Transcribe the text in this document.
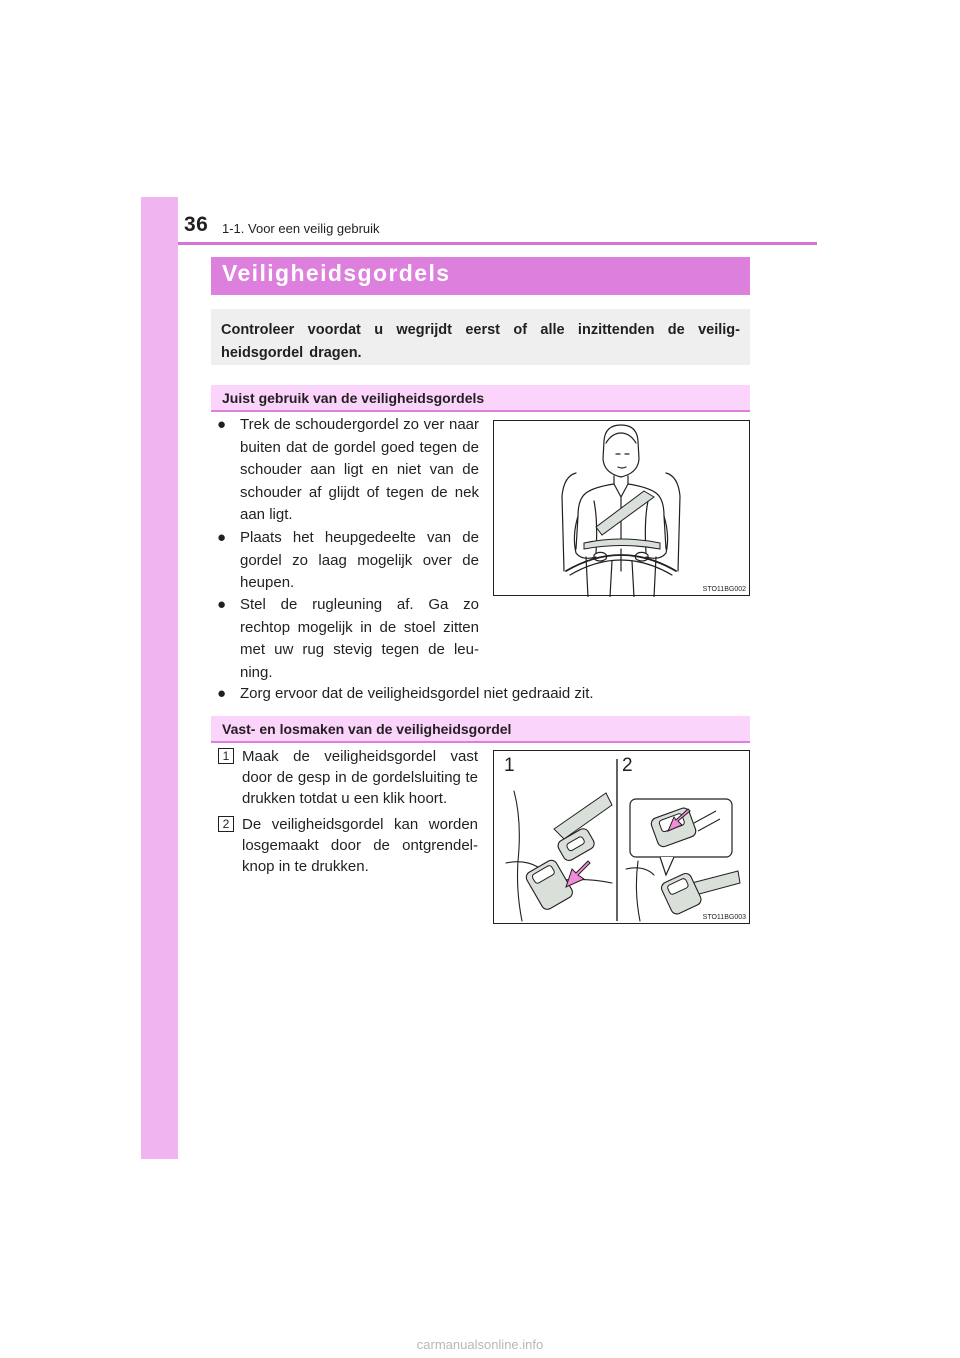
36 1-1. Voor een veilig gebruik
Veiligheidsgordels
Controleer voordat u wegrijdt eerst of alle inzittenden de veilig-heidsgordel dragen.
Juist gebruik van de veiligheidsgordels
● Trek de schoudergordel zo ver naar buiten dat de gordel goed tegen de schouder aan ligt en niet van de schouder af glijdt of tegen de nek aan ligt.
● Plaats het heupgedeelte van de gordel zo laag mogelijk over de heupen.
● Stel de rugleuning af. Ga zo rechtop mogelijk in de stoel zitten met uw rug stevig tegen de leu-ning.
● Zorg ervoor dat de veiligheidsgordel niet gedraaid zit.
STO11BG002
Vast- en losmaken van de veiligheidsgordel
1 Maak de veiligheidsgordel vast door de gesp in de gordelsluiting te drukken totdat u een klik hoort.
2 De veiligheidsgordel kan worden losgemaakt door de ontgrendel-knop in te drukken.
1	2
STO11BG003
carmanualsonline.info
